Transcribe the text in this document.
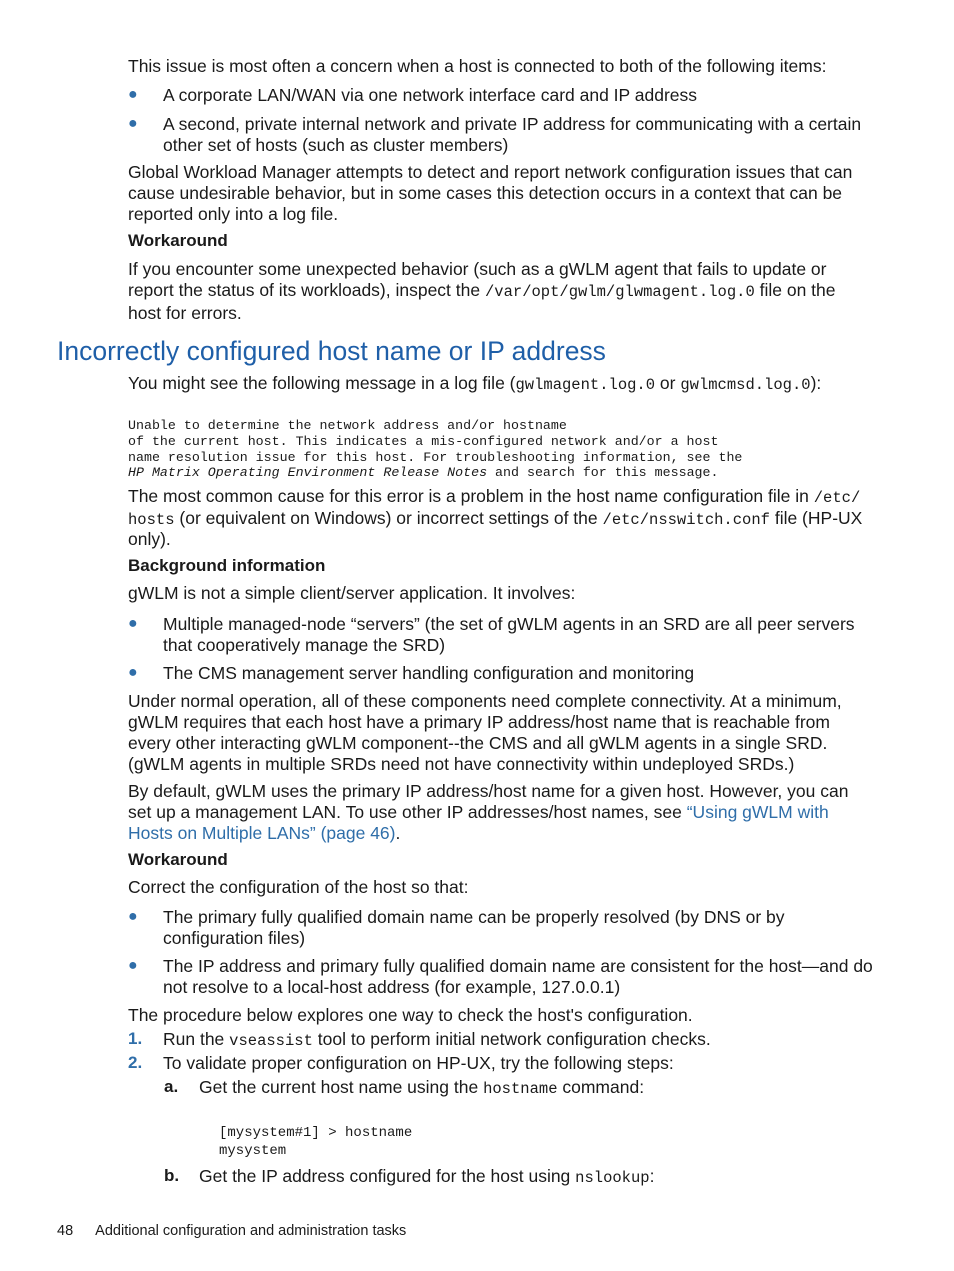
This issue is most often a concern when a host is connected to both of the following items:
● A corporate LAN/WAN via one network interface card and IP address
● A second, private internal network and private IP address for communicating with a certain other set of hosts (such as cluster members)
Global Workload Manager attempts to detect and report network configuration issues that can cause undesirable behavior, but in some cases this detection occurs in a context that can be reported only into a log file.
Workaround
If you encounter some unexpected behavior (such as a gWLM agent that fails to update or report the status of its workloads), inspect the /var/opt/gwlm/glwmagent.log.0 file on the host for errors.
Incorrectly configured host name or IP address
You might see the following message in a log file (gwlmagent.log.0 or gwlmcmsd.log.0):
Unable to determine the network address and/or hostname
of the current host. This indicates a mis-configured network and/or a host
name resolution issue for this host. For troubleshooting information, see the
HP Matrix Operating Environment Release Notes and search for this message.
The most common cause for this error is a problem in the host name configuration file in /etc/
hosts (or equivalent on Windows) or incorrect settings of the /etc/nsswitch.conf file (HP-UX
only).
Background information
gWLM is not a simple client/server application. It involves:
● Multiple managed-node “servers” (the set of gWLM agents in an SRD are all peer servers that cooperatively manage the SRD)
● The CMS management server handling configuration and monitoring
Under normal operation, all of these components need complete connectivity. At a minimum, gWLM requires that each host have a primary IP address/host name that is reachable from every other interacting gWLM component--the CMS and all gWLM agents in a single SRD. (gWLM agents in multiple SRDs need not have connectivity within undeployed SRDs.)
By default, gWLM uses the primary IP address/host name for a given host. However, you can set up a management LAN. To use other IP addresses/host names, see “Using gWLM with Hosts on Multiple LANs” (page 46).
Workaround
Correct the configuration of the host so that:
● The primary fully qualified domain name can be properly resolved (by DNS or by configuration files)
● The IP address and primary fully qualified domain name are consistent for the host—and do not resolve to a local-host address (for example, 127.0.0.1)
The procedure below explores one way to check the host's configuration.
1. Run the vseassist tool to perform initial network configuration checks.
2. To validate proper configuration on HP-UX, try the following steps:
a. Get the current host name using the hostname command:
[mysystem#1] > hostname
mysystem
b. Get the IP address configured for the host using nslookup:
48 Additional configuration and administration tasks
